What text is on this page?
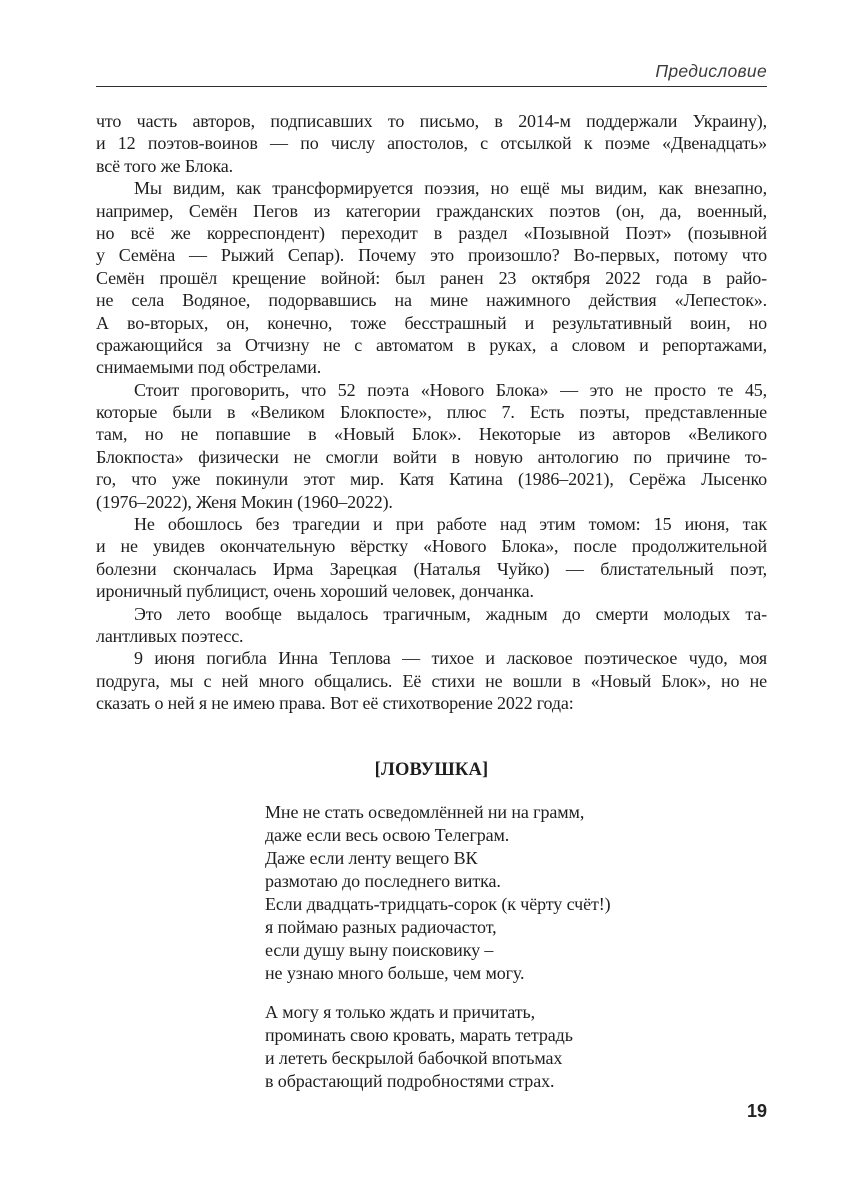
Предисловие
что часть авторов, подписавших то письмо, в 2014-м поддержали Украину),
и 12 поэтов-воинов — по числу апостолов, с отсылкой к поэме «Двенадцать»
всё того же Блока.
Мы видим, как трансформируется поэзия, но ещё мы видим, как внезапно,
например, Семён Пегов из категории гражданских поэтов (он, да, военный,
но всё же корреспондент) переходит в раздел «Позывной Поэт» (позывной
у Семёна — Рыжий Сепар). Почему это произошло? Во-первых, потому что
Семён прошёл крещение войной: был ранен 23 октября 2022 года в райо-
не села Водяное, подорвавшись на мине нажимного действия «Лепесток».
А во-вторых, он, конечно, тоже бесстрашный и результативный воин, но
сражающийся за Отчизну не с автоматом в руках, а словом и репортажами,
снимаемыми под обстрелами.
Стоит проговорить, что 52 поэта «Нового Блока» — это не просто те 45,
которые были в «Великом Блокпосте», плюс 7. Есть поэты, представленные
там, но не попавшие в «Новый Блок». Некоторые из авторов «Великого
Блокпоста» физически не смогли войти в новую антологию по причине то-
го, что уже покинули этот мир. Катя Катина (1986–2021), Серёжа Лысенко
(1976–2022), Женя Мокин (1960–2022).
Не обошлось без трагедии и при работе над этим томом: 15 июня, так
и не увидев окончательную вёрстку «Нового Блока», после продолжительной
болезни скончалась Ирма Зарецкая (Наталья Чуйко) — блистательный поэт,
ироничный публицист, очень хороший человек, дончанка.
Это лето вообще выдалось трагичным, жадным до смерти молодых та-
лантливых поэтесс.
9 июня погибла Инна Теплова — тихое и ласковое поэтическое чудо, моя
подруга, мы с ней много общались. Её стихи не вошли в «Новый Блок», но не
сказать о ней я не имею права. Вот её стихотворение 2022 года:
[ЛОВУШКА]
Мне не стать осведомлённей ни на грамм,
даже если весь освою Телеграм.
Даже если ленту вещего ВК
размотаю до последнего витка.
Если двадцать-тридцать-сорок (к чёрту счёт!)
я поймаю разных радиочастот,
если душу выну поисковику –
не узнаю много больше, чем могу.
А могу я только ждать и причитать,
проминать свою кровать, марать тетрадь
и лететь бескрылой бабочкой впотьмах
в обрастающий подробностями страх.
19
